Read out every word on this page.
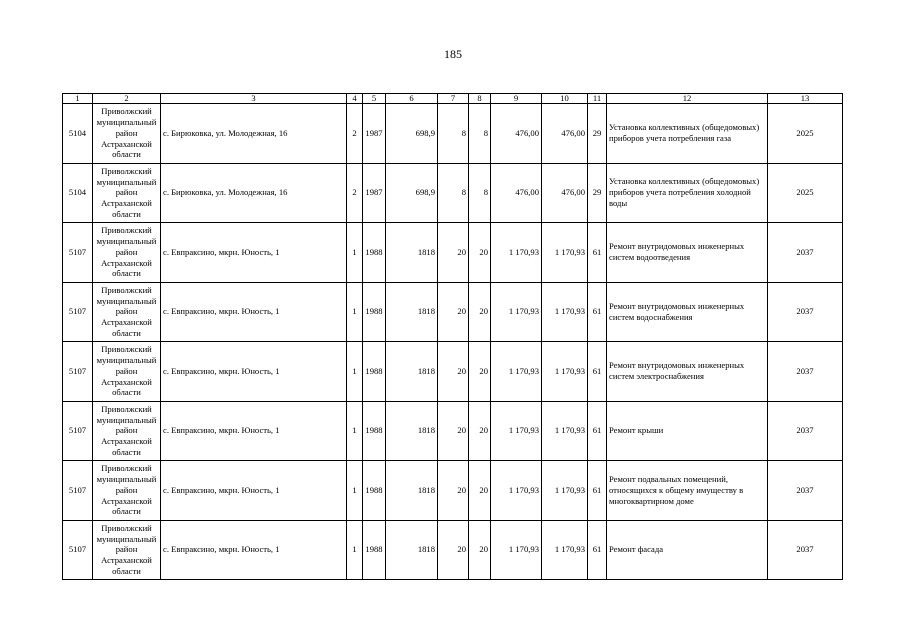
185
1	2	3	4	5	6	7	8	9	10	11	12	13
5104	Приволжский муниципальный район Астраханской области	с. Бирюковка, ул. Молодежная, 16	2	1987	698,9	8	8	476,00	476,00	29	Установка коллективных (общедомовых) приборов учета потребления газа	2025
5104	Приволжский муниципальный район Астраханской области	с. Бирюковка, ул. Молодежная, 16	2	1987	698,9	8	8	476,00	476,00	29	Установка коллективных (общедомовых) приборов учета потребления холодной воды	2025
5107	Приволжский муниципальный район Астраханской области	с. Евпраксино, мкрн. Юность, 1	1	1988	1818	20	20	1 170,93	1 170,93	61	Ремонт внутридомовых инженерных систем водоотведения	2037
5107	Приволжский муниципальный район Астраханской области	с. Евпраксино, мкрн. Юность, 1	1	1988	1818	20	20	1 170,93	1 170,93	61	Ремонт внутридомовых инженерных систем водоснабжения	2037
5107	Приволжский муниципальный район Астраханской области	с. Евпраксино, мкрн. Юность, 1	1	1988	1818	20	20	1 170,93	1 170,93	61	Ремонт внутридомовых инженерных систем электроснабжения	2037
5107	Приволжский муниципальный район Астраханской области	с. Евпраксино, мкрн. Юность, 1	1	1988	1818	20	20	1 170,93	1 170,93	61	Ремонт крыши	2037
5107	Приволжский муниципальный район Астраханской области	с. Евпраксино, мкрн. Юность, 1	1	1988	1818	20	20	1 170,93	1 170,93	61	Ремонт подвальных помещений, относящихся к общему имуществу в многоквартирном доме	2037
5107	Приволжский муниципальный район Астраханской области	с. Евпраксино, мкрн. Юность, 1	1	1988	1818	20	20	1 170,93	1 170,93	61	Ремонт фасада	2037
